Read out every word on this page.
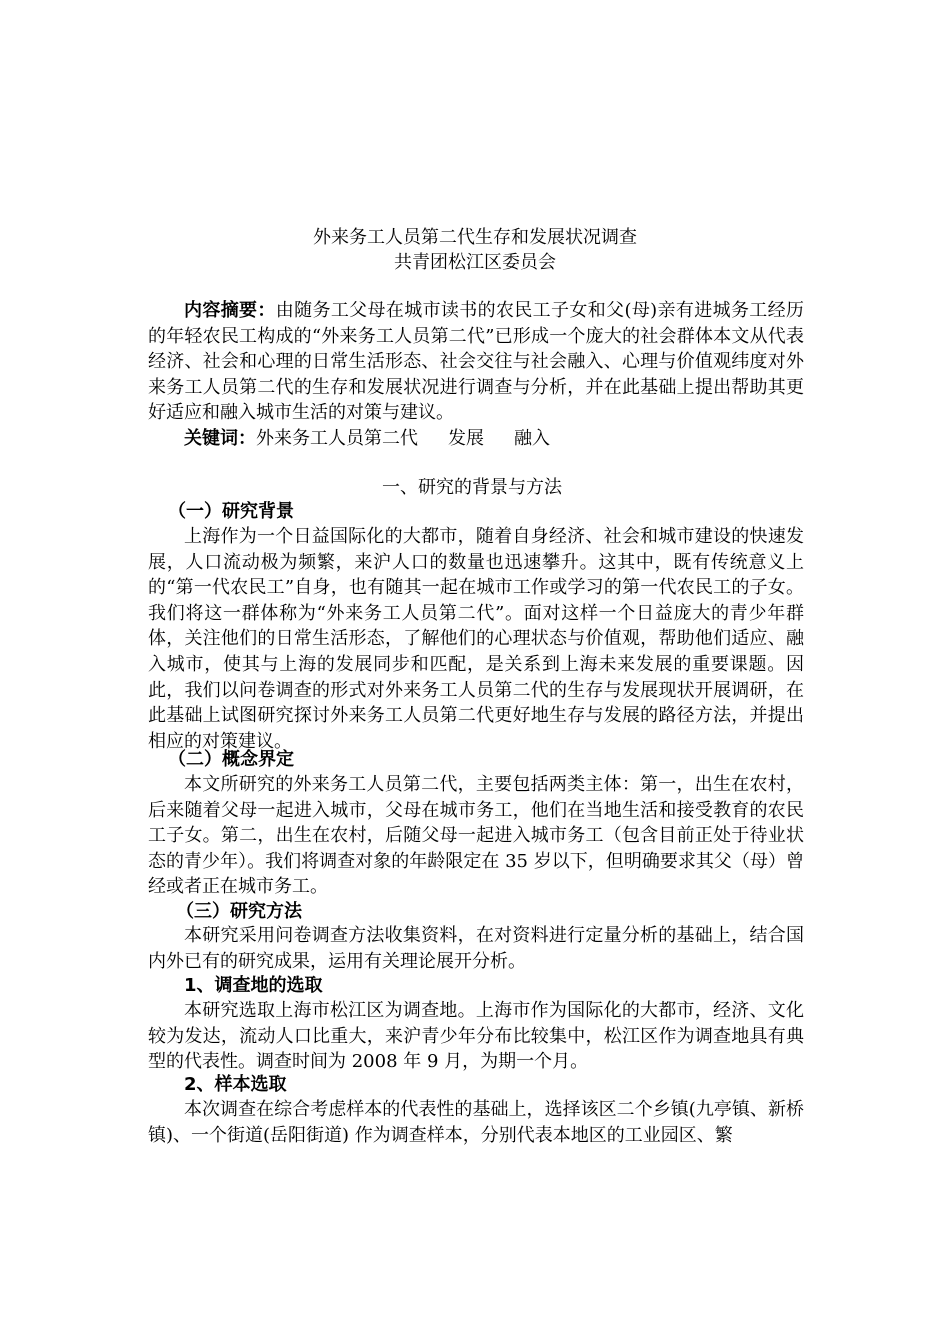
外来务工人员第二代生存和发展状况调查
共青团松江区委员会

内容摘要：由随务工父母在城市读书的农民工子女和父(母)亲有进城务工经历的年轻农民工构成的“外来务工人员第二代”已形成一个庞大的社会群体本文从代表经济、社会和心理的日常生活形态、社会交往与社会融入、心理与价值观纬度对外来务工人员第二代的生存和发展状况进行调查与分析，并在此基础上提出帮助其更好适应和融入城市生活的对策与建议。

关键词：外来务工人员第二代 发展 融入

一、研究的背景与方法
（一）研究背景

上海作为一个日益国际化的大都市，随着自身经济、社会和城市建设的快速发展，人口流动极为频繁，来沪人口的数量也迅速攀升。这其中，既有传统意义上的“第一代农民工”自身，也有随其一起在城市工作或学习的第一代农民工的子女。我们将这一群体称为“外来务工人员第二代”。面对这样一个日益庞大的青少年群体，关注他们的日常生活形态，了解他们的心理状态与价值观，帮助他们适应、融入城市，使其与上海的发展同步和匹配，是关系到上海未来发展的重要课题。因此，我们以问卷调查的形式对外来务工人员第二代的生存与发展现状开展调研，在此基础上试图研究探讨外来务工人员第二代更好地生存与发展的路径方法，并提出相应的对策建议。

（二）概念界定

本文所研究的外来务工人员第二代，主要包括两类主体：第一，出生在农村，后来随着父母一起进入城市，父母在城市务工，他们在当地生活和接受教育的农民工子女。第二，出生在农村，后随父母一起进入城市务工（包含目前正处于待业状态的青少年）。我们将调查对象的年龄限定在 35 岁以下，但明确要求其父（母）曾经或者正在城市务工。

（三）研究方法

本研究采用问卷调查方法收集资料，在对资料进行定量分析的基础上，结合国内外已有的研究成果，运用有关理论展开分析。

1、调查地的选取

本研究选取上海市松江区为调查地。上海市作为国际化的大都市，经济、文化较为发达，流动人口比重大，来沪青少年分布比较集中，松江区作为调查地具有典型的代表性。调查时间为 2008 年 9 月，为期一个月。

2、样本选取

本次调查在综合考虑样本的代表性的基础上，选择该区二个乡镇(九亭镇、新桥镇)、一个街道(岳阳街道) 作为调查样本，分别代表本地区的工业园区、繁
